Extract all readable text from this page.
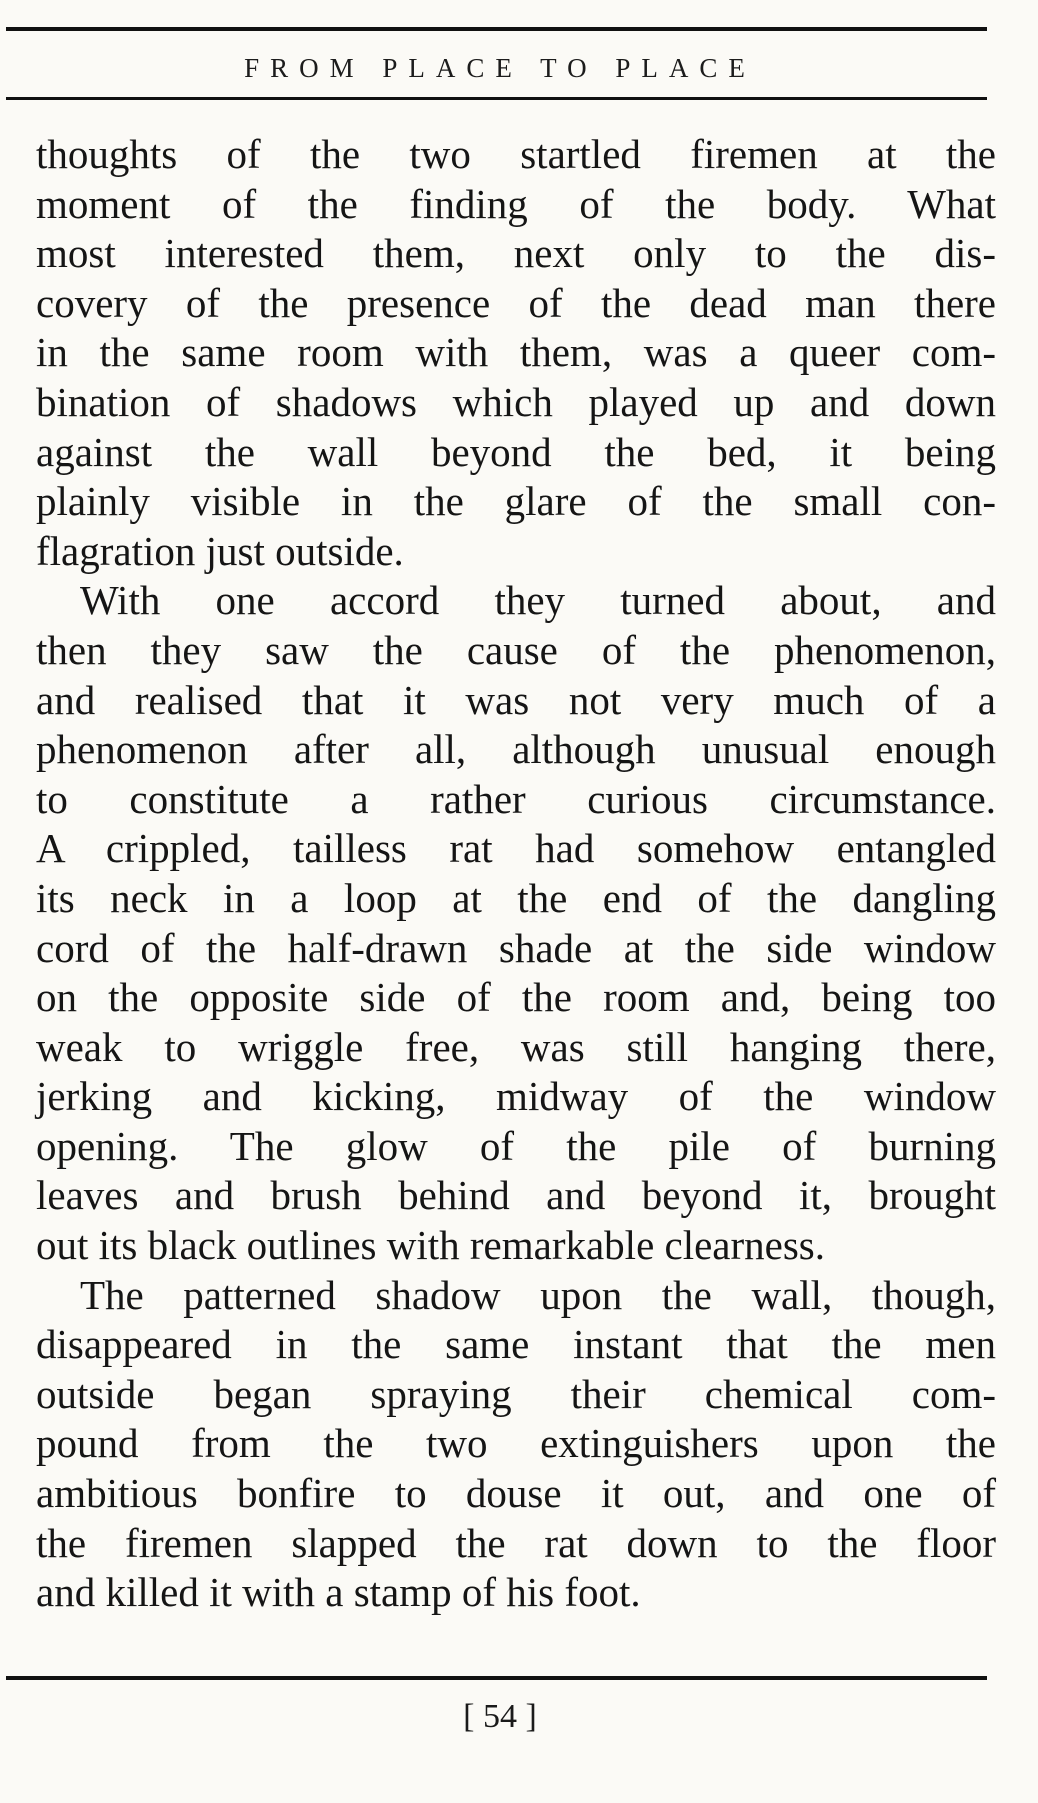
FROM PLACE TO PLACE
thoughts of the two startled firemen at the
moment of the finding of the body. What
most interested them, next only to the dis-
covery of the presence of the dead man there
in the same room with them, was a queer com-
bination of shadows which played up and down
against the wall beyond the bed, it being
plainly visible in the glare of the small con-
flagration just outside.
With one accord they turned about, and
then they saw the cause of the phenomenon,
and realised that it was not very much of a
phenomenon after all, although unusual enough
to constitute a rather curious circumstance.
A crippled, tailless rat had somehow entangled
its neck in a loop at the end of the dangling
cord of the half-drawn shade at the side window
on the opposite side of the room and, being too
weak to wriggle free, was still hanging there,
jerking and kicking, midway of the window
opening. The glow of the pile of burning
leaves and brush behind and beyond it, brought
out its black outlines with remarkable clearness.
The patterned shadow upon the wall, though,
disappeared in the same instant that the men
outside began spraying their chemical com-
pound from the two extinguishers upon the
ambitious bonfire to douse it out, and one of
the firemen slapped the rat down to the floor
and killed it with a stamp of his foot.
[ 54 ]
